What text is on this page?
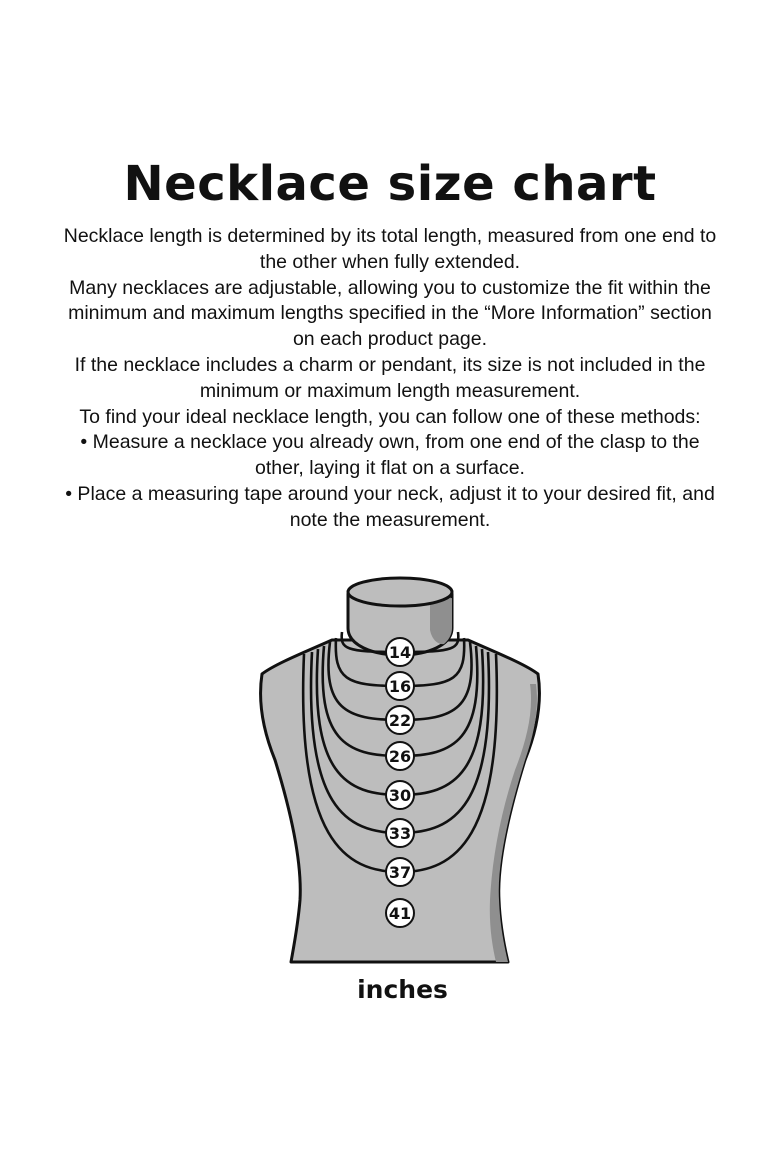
Necklace size chart

Necklace length is determined by its total length, measured from one end to the other when fully extended.

Many necklaces are adjustable, allowing you to customize the fit within the minimum and maximum lengths specified in the “More Information” section on each product page.

If the necklace includes a charm or pendant, its size is not included in the minimum or maximum length measurement.

To find your ideal necklace length, you can follow one of these methods:

• Measure a necklace you already own, from one end of the clasp to the other, laying it flat on a surface.

• Place a measuring tape around your neck, adjust it to your desired fit, and note the measurement.

14
16
22
26
30
33
37
41
inches
